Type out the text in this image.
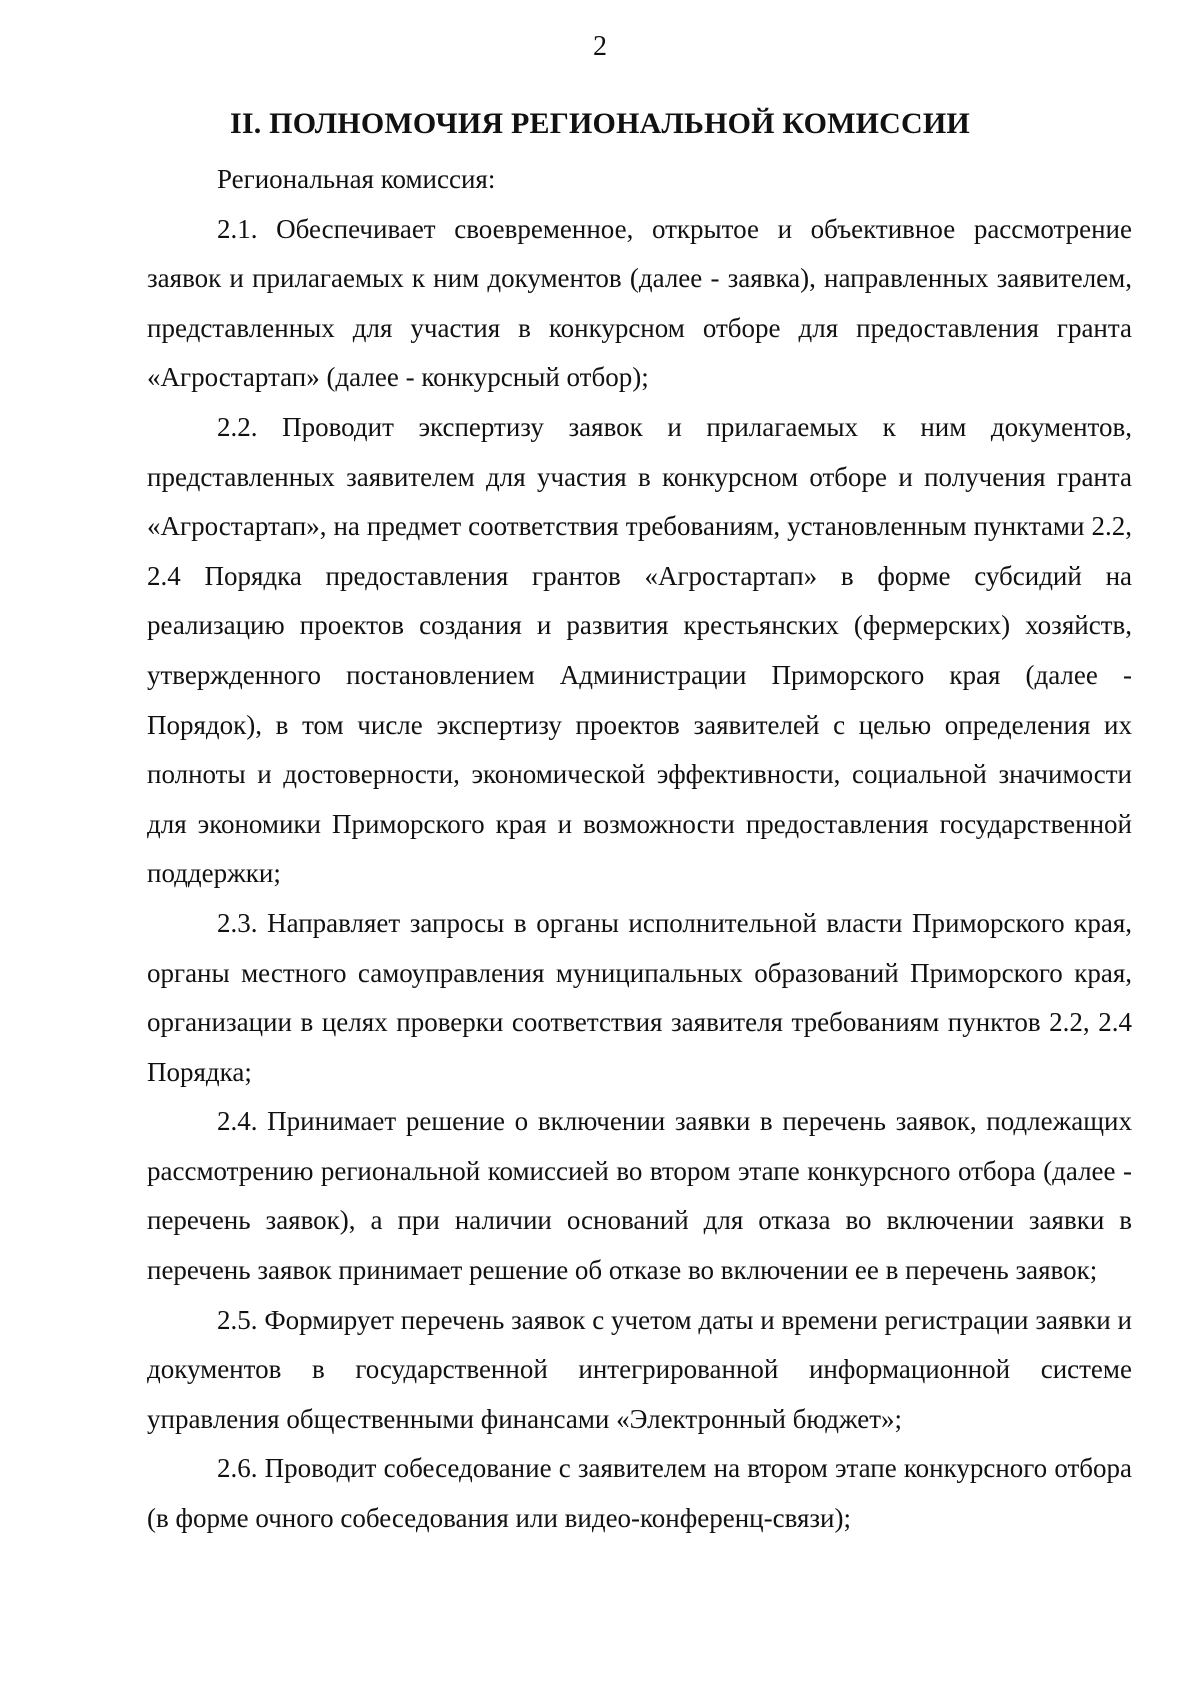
2
II. ПОЛНОМОЧИЯ РЕГИОНАЛЬНОЙ КОМИССИИ

Региональная комиссия:

2.1. Обеспечивает своевременное, открытое и объективное рассмотрение заявок и прилагаемых к ним документов (далее - заявка), направленных заявителем, представленных для участия в конкурсном отборе для предоставления гранта «Агростартап» (далее - конкурсный отбор);

2.2. Проводит экспертизу заявок и прилагаемых к ним документов, представленных заявителем для участия в конкурсном отборе и получения гранта «Агростартап», на предмет соответствия требованиям, установленным пунктами 2.2, 2.4 Порядка предоставления грантов «Агростартап» в форме субсидий на реализацию проектов создания и развития крестьянских (фермерских) хозяйств, утвержденного постановлением Администрации Приморского края (далее - Порядок), в том числе экспертизу проектов заявителей с целью определения их полноты и достоверности, экономической эффективности, социальной значимости для экономики Приморского края и возможности предоставления государственной поддержки;

2.3. Направляет запросы в органы исполнительной власти Приморского края, органы местного самоуправления муниципальных образований Приморского края, организации в целях проверки соответствия заявителя требованиям пунктов 2.2, 2.4 Порядка;

2.4. Принимает решение о включении заявки в перечень заявок, подлежащих рассмотрению региональной комиссией во втором этапе конкурсного отбора (далее - перечень заявок), а при наличии оснований для отказа во включении заявки в перечень заявок принимает решение об отказе во включении ее в перечень заявок;

2.5. Формирует перечень заявок с учетом даты и времени регистрации заявки и документов в государственной интегрированной информационной системе управления общественными финансами «Электронный бюджет»;

2.6. Проводит собеседование с заявителем на втором этапе конкурсного отбора (в форме очного собеседования или видео-конференц-связи);
